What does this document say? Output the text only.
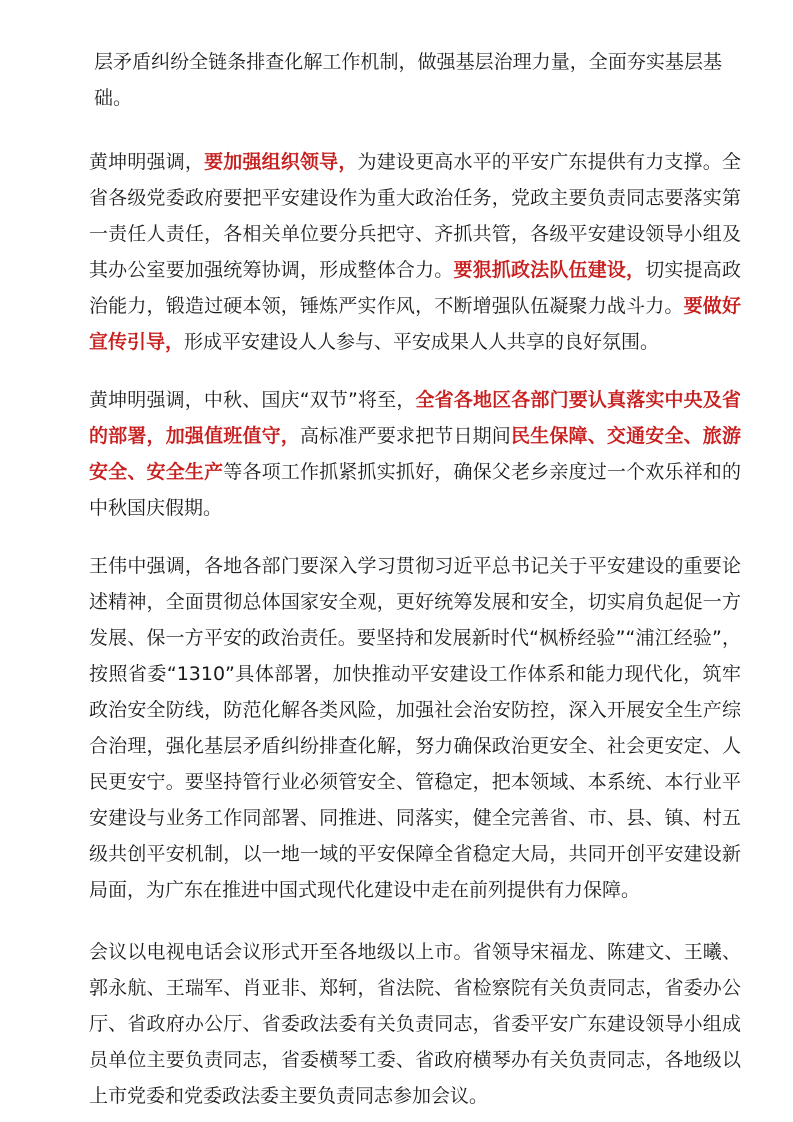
层矛盾纠纷全链条排查化解工作机制，做强基层治理力量，全面夯实基层基础。

黄坤明强调，要加强组织领导，为建设更高水平的平安广东提供有力支撑。全省各级党委政府要把平安建设作为重大政治任务，党政主要负责同志要落实第一责任人责任，各相关单位要分兵把守、齐抓共管，各级平安建设领导小组及其办公室要加强统筹协调，形成整体合力。要狠抓政法队伍建设，切实提高政治能力，锻造过硬本领，锤炼严实作风，不断增强队伍凝聚力战斗力。要做好宣传引导，形成平安建设人人参与、平安成果人人共享的良好氛围。

黄坤明强调，中秋、国庆“双节”将至，全省各地区各部门要认真落实中央及省的部署，加强值班值守，高标准严要求把节日期间民生保障、交通安全、旅游安全、安全生产等各项工作抓紧抓实抓好，确保父老乡亲度过一个欢乐祥和的中秋国庆假期。

王伟中强调，各地各部门要深入学习贯彻习近平总书记关于平安建设的重要论述精神，全面贯彻总体国家安全观，更好统筹发展和安全，切实肩负起促一方发展、保一方平安的政治责任。要坚持和发展新时代“枫桥经验”“浦江经验”，按照省委“1310”具体部署，加快推动平安建设工作体系和能力现代化，筑牢政治安全防线，防范化解各类风险，加强社会治安防控，深入开展安全生产综合治理，强化基层矛盾纠纷排查化解，努力确保政治更安全、社会更安定、人民更安宁。要坚持管行业必须管安全、管稳定，把本领域、本系统、本行业平安建设与业务工作同部署、同推进、同落实，健全完善省、市、县、镇、村五级共创平安机制，以一地一域的平安保障全省稳定大局，共同开创平安建设新局面，为广东在推进中国式现代化建设中走在前列提供有力保障。

会议以电视电话会议形式开至各地级以上市。省领导宋福龙、陈建文、王曦、郭永航、王瑞军、肖亚非、郑轲，省法院、省检察院有关负责同志，省委办公厅、省政府办公厅、省委政法委有关负责同志，省委平安广东建设领导小组成员单位主要负责同志，省委横琴工委、省政府横琴办有关负责同志，各地级以上市党委和党委政法委主要负责同志参加会议。
